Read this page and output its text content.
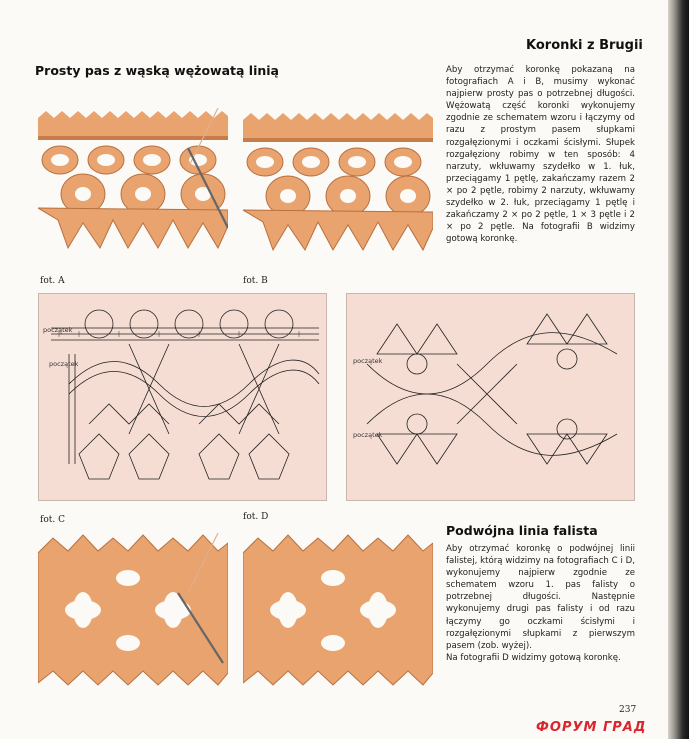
Koronki z Brugii
Prosty pas z wąską wężowatą linią	Aby otrzymać koronkę pokazaną na fotografiach A i B, musimy wykonać najpierw prosty pas o potrzebnej długości. Wężowatą część koronki wykonujemy zgodnie ze schematem wzoru i łączymy od razu z prostym pasem słupkami rozgałęzionymi i oczkami ścisłymi. Słupek rozgałęziony robimy w ten sposób: 4 narzuty, wkłuwamy szydełko w 1. łuk, przeciągamy 1 pętlę, zakańczamy razem 2 × po 2 pętle, robimy 2 narzuty, wkłuwamy szydełko w 2. łuk, przeciągamy 1 pętlę i zakańczamy 2 × po 2 pętle, 1 × 3 pętle i 2 × po 2 pętle. Na fotografii B widzimy gotową koronkę.

fot. A	fot. B
początek
początek	początek
początek
fot. C	fot. D
Podwójna linia falista

Aby otrzymać koronkę o podwójnej linii falistej, którą widzimy na fotografiach C i D, wykonujemy najpierw zgodnie ze schematem wzoru 1. pas falisty o potrzebnej długości. Następnie wykonujemy drugi pas falisty i od razu łączymy go oczkami ścisłymi i rozgałęzionymi słupkami z pierwszym pasem (zob. wyżej).

Na fotografii D widzimy gotową koronkę.

237
ФОРУМ ГРАД
